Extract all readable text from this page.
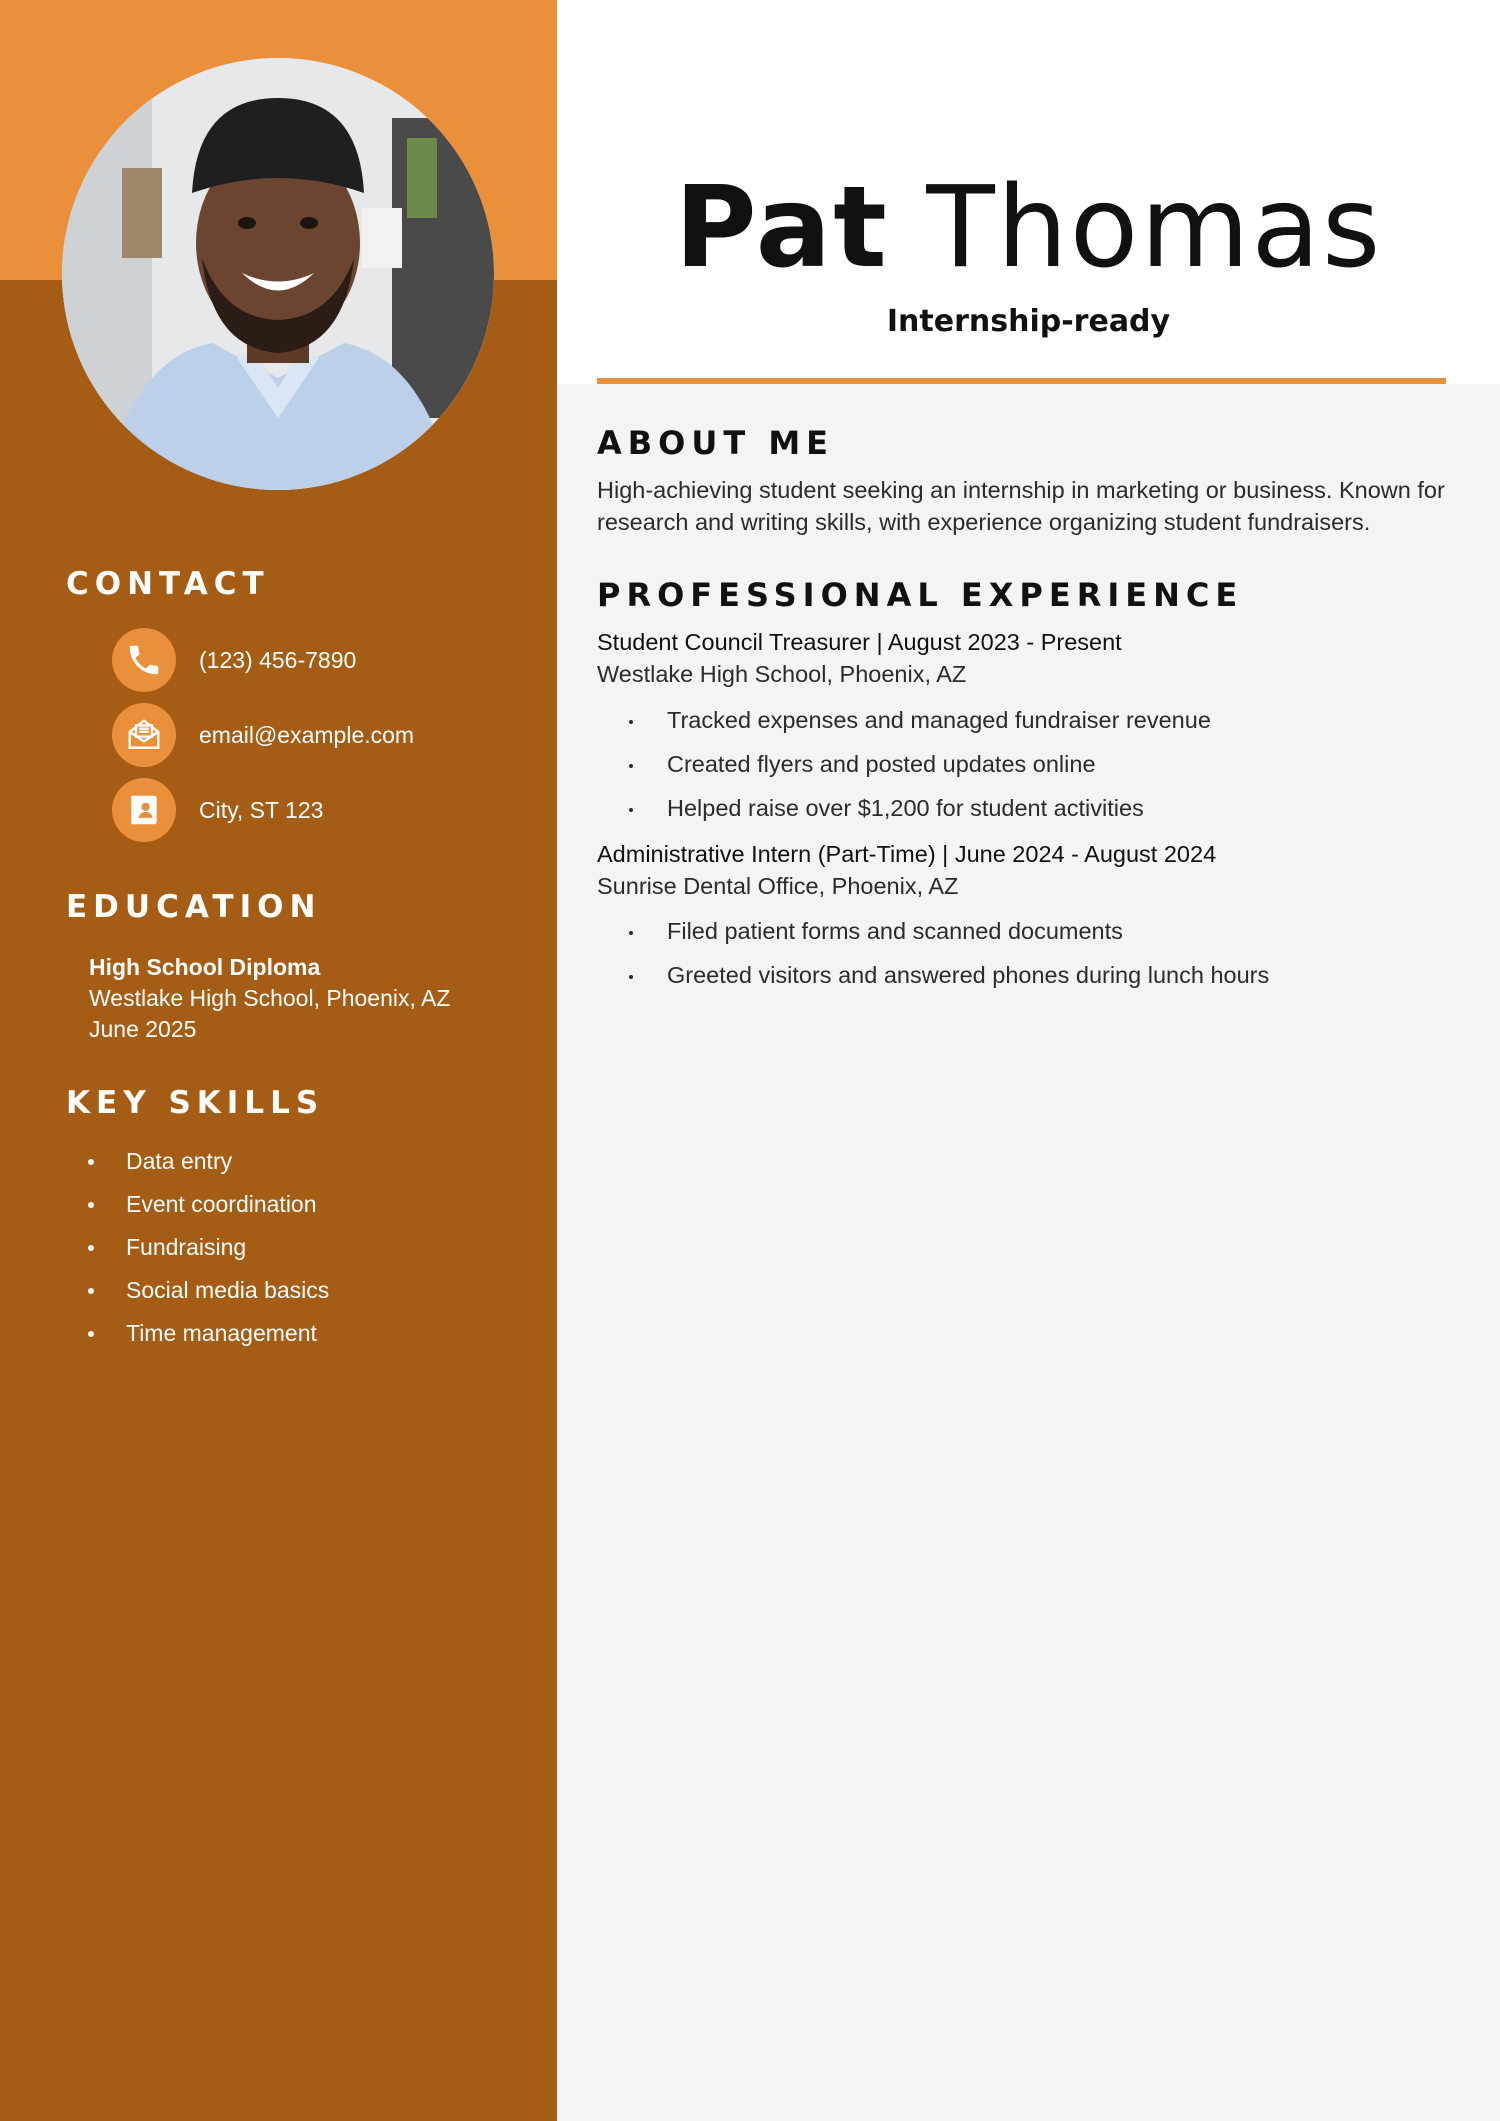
CONTACT
(123) 456-7890
email@example.com
City, ST 123
EDUCATION
High School Diploma
Westlake High School, Phoenix, AZ
June 2025
KEY SKILLS
Data entry
Event coordination
Fundraising
Social media basics
Time management
Pat Thomas
Internship-ready
ABOUT ME

High-achieving student seeking an internship in marketing or business. Known for research and writing skills, with experience organizing student fundraisers.

PROFESSIONAL EXPERIENCE

Student Council Treasurer | August 2023 - Present

Westlake High School, Phoenix, AZ

Tracked expenses and managed fundraiser revenue
Created flyers and posted updates online
Helped raise over $1,200 for student activities

Administrative Intern (Part-Time) | June 2024 - August 2024

Sunrise Dental Office, Phoenix, AZ

Filed patient forms and scanned documents
Greeted visitors and answered phones during lunch hours
